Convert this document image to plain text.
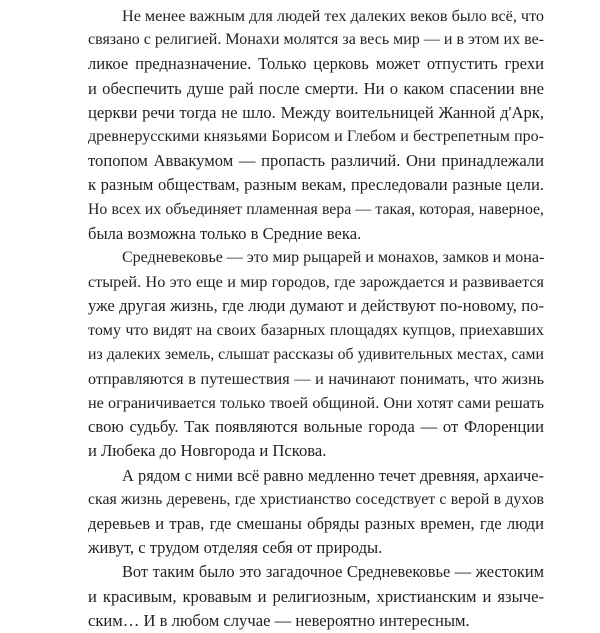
Не менее важным для людей тех далеких веков было всё, что
связано с религией. Монахи молятся за весь мир — и в этом их ве-
ликое предназначение. Только церковь может отпустить грехи
и обеспечить душе рай после смерти. Ни о каком спасении вне
церкви речи тогда не шло. Между воительницей Жанной д'Арк,
древнерусскими князьями Борисом и Глебом и бестрепетным про-
топопом Аввакумом — пропасть различий. Они принадлежали
к разным обществам, разным векам, преследовали разные цели.
Но всех их объединяет пламенная вера — такая, которая, наверное,
была возможна только в Средние века.
Средневековье — это мир рыцарей и монахов, замков и мона-
стырей. Но это еще и мир городов, где зарождается и развивается
уже другая жизнь, где люди думают и действуют по-новому, по-
тому что видят на своих базарных площадях купцов, приехавших
из далеких земель, слышат рассказы об удивительных местах, сами
отправляются в путешествия — и начинают понимать, что жизнь
не ограничивается только твоей общиной. Они хотят сами решать
свою судьбу. Так появляются вольные города — от Флоренции
и Любека до Новгорода и Пскова.
А рядом с ними всё равно медленно течет древняя, архаиче-
ская жизнь деревень, где христианство соседствует с верой в духов
деревьев и трав, где смешаны обряды разных времен, где люди
живут, с трудом отделяя себя от природы.
Вот таким было это загадочное Средневековье — жестоким
и красивым, кровавым и религиозным, христианским и языче-
ским… И в любом случае — невероятно интересным.
